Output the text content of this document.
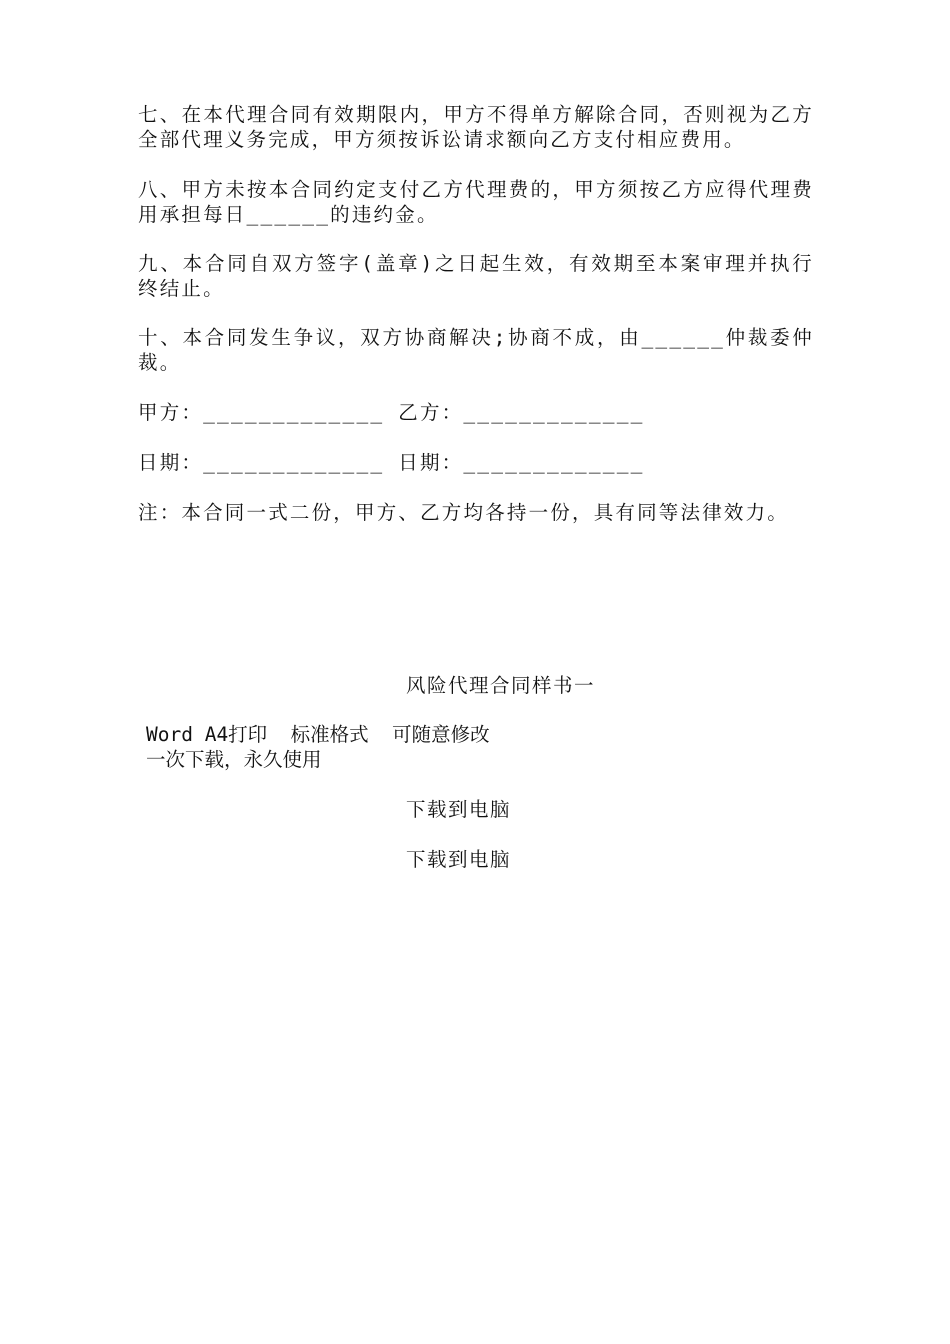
七、在本代理合同有效期限内，甲方不得单方解除合同，否则视为乙方全部代理义务完成，甲方须按诉讼请求额向乙方支付相应费用。

八、甲方未按本合同约定支付乙方代理费的，甲方须按乙方应得代理费用承担每日______的违约金。

九、本合同自双方签字(盖章)之日起生效，有效期至本案审理并执行终结止。

十、本合同发生争议，双方协商解决;协商不成，由______仲裁委仲裁。

甲方：_____________ 乙方：_____________

日期：_____________ 日期：_____________

注：本合同一式二份，甲方、乙方均各持一份，具有同等法律效力。

风险代理合同样书一
Word A4打印  标准格式  可随意修改
一次下载，永久使用
下载到电脑
下载到电脑
